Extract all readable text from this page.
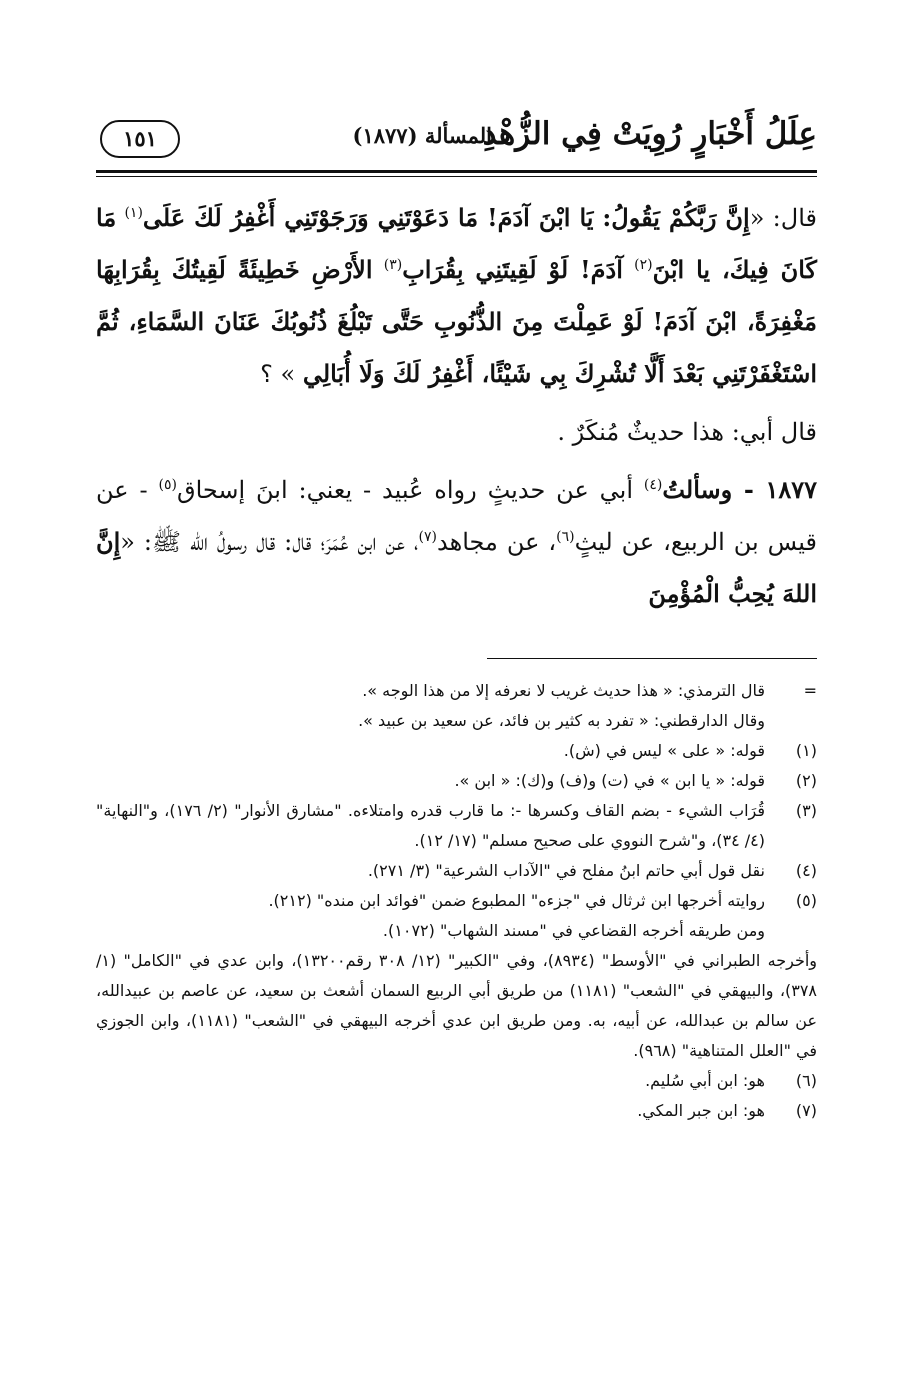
عِلَلُ أَخْبَارٍ رُوِيَتْ فِي الزُّهْدِ
المسألة (١٨٧٧)
١٥١

قال: «إِنَّ رَبَّكُمْ يَقُولُ: يَا ابْنَ آدَمَ! مَا دَعَوْتَنِي وَرَجَوْتَنِي أَغْفِرُ لَكَ عَلَى$^{(١)}$ مَا كَانَ فِيكَ، يا ابْنَ$^{(٢)}$ آدَمَ! لَوْ لَقِيتَنِي بِقُرَابِ$^{(٣)}$ الأَرْضِ خَطِيئَةً لَقِيتُكَ بِقُرَابِهَا مَغْفِرَةً، ابْنَ آدَمَ! لَوْ عَمِلْتَ مِنَ الذُّنُوبِ حَتَّى تَبْلُغَ ذُنُوبُكَ عَنَانَ السَّمَاءِ، ثُمَّ اسْتَغْفَرْتَنِي بَعْدَ أَلَّا تُشْرِكَ بِي شَيْئًا، أَغْفِرُ لَكَ وَلَا أُبَالِي » ؟

قال أبي: هذا حديثٌ مُنكَرٌ .

١٨٧٧ - وسألتُ$^{(٤)}$ أبي عن حديثٍ رواه عُبيد - يعني: ابنَ إسحاق$^{(٥)}$ - عن قيس بن الربيع، عن ليثٍ$^{(٦)}$، عن مجاهد$^{(٧)}$، عن ابن عُمَرَ؛ قال: قال رسولُ الله ﷺ: «إِنَّ اللهَ يُحِبُّ الْمُؤْمِنَ

=
قال الترمذي: « هذا حديث غريب لا نعرفه إلا من هذا الوجه ».
وقال الدارقطني: « تفرد به كثير بن فائد، عن سعيد بن عبيد ».
(١)
قوله: « على » ليس في (ش).
(٢)
قوله: « يا ابن » في (ت) و(ف) و(ك): « ابن ».
(٣)
قُرَاب الشيء - بضم القاف وكسرها -: ما قارب قدره وامتلاءه. "مشارق الأنوار" (٢/ ١٧٦)، و"النهاية" (٤/ ٣٤)، و"شرح النووي على صحيح مسلم" (١٧/ ١٢).
(٤)
نقل قول أبي حاتم ابنُ مفلح في "الآداب الشرعية" (٣/ ٢٧١).
(٥)
روايته أخرجها ابن ثرثال في "جزءه" المطبوع ضمن "فوائد ابن منده" (٢١٢).
ومن طريقه أخرجه القضاعي في "مسند الشهاب" (١٠٧٢).
وأخرجه الطبراني في "الأوسط" (٨٩٣٤)، وفي "الكبير" (١٢/ ٣٠٨ رقم١٣٢٠٠)، وابن عدي في "الكامل" (١/ ٣٧٨)، والبيهقي في "الشعب" (١١٨١) من طريق أبي الربيع السمان أشعث بن سعيد، عن عاصم بن عبيدالله، عن سالم بن عبدالله، عن أبيه، به. ومن طريق ابن عدي أخرجه البيهقي في "الشعب" (١١٨١)، وابن الجوزي في "العلل المتناهية" (٩٦٨).
(٦)
هو: ابن أبي سُليم.
(٧)
هو: ابن جبر المكي.
